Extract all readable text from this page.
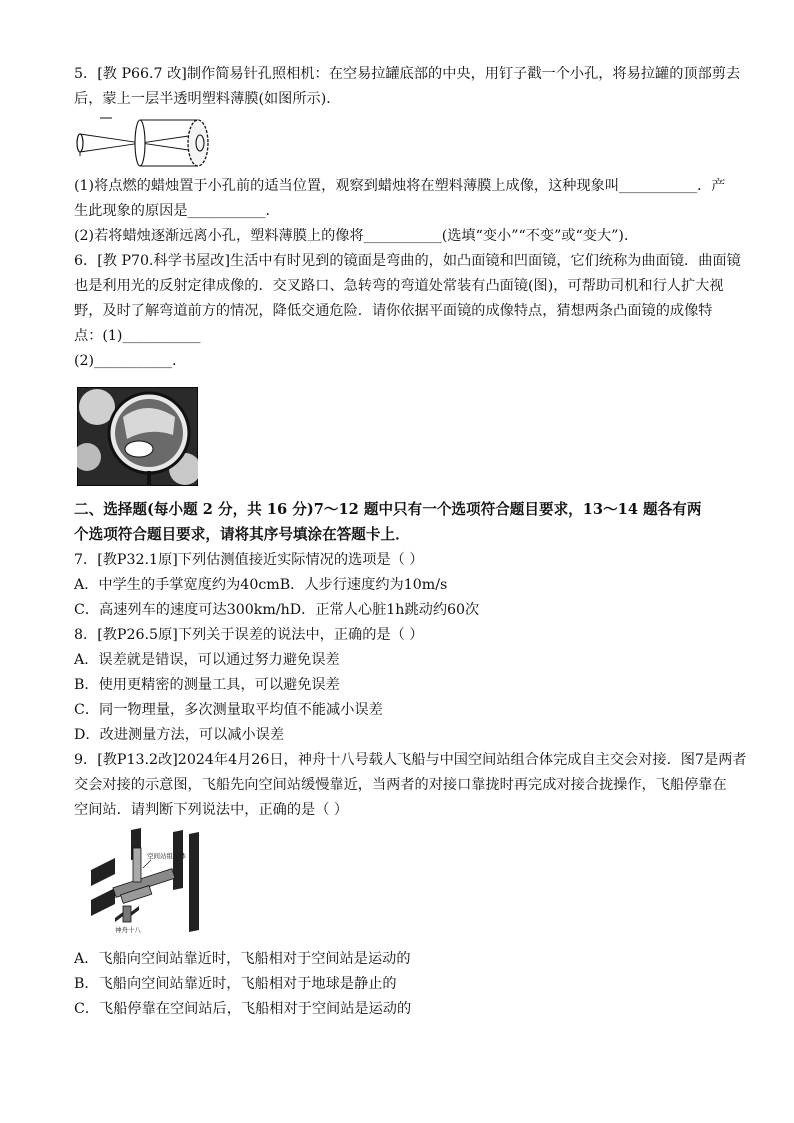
5．[教 P66.7 改]制作简易针孔照相机：在空易拉罐底部的中央，用钉子戳一个小孔，将易拉罐的顶部剪去
后，蒙上一层半透明塑料薄膜(如图所示)．
(1)将点燃的蜡烛置于小孔前的适当位置，观察到蜡烛将在塑料薄膜上成像，这种现象叫___________．产
生此现象的原因是___________．
(2)若将蜡烛逐渐远离小孔，塑料薄膜上的像将___________(选填“变小”“不变”或“变大”)．
6．[教 P70.科学书屋改]生活中有时见到的镜面是弯曲的，如凸面镜和凹面镜，它们统称为曲面镜．曲面镜
也是利用光的反射定律成像的．交叉路口、急转弯的弯道处常装有凸面镜(图)，可帮助司机和行人扩大视
野，及时了解弯道前方的情况，降低交通危险．请你依据平面镜的成像特点，猜想两条凸面镜的成像特
点：(1)___________
(2)___________．
二、选择题(每小题 2 分，共 16 分)7～12 题中只有一个选项符合题目要求，13～14 题各有两
个选项符合题目要求，请将其序号填涂在答题卡上．
7．[教P32.1原]下列估测值接近实际情况的选项是（ ）
A．中学生的手掌宽度约为40cmB．人步行速度约为10m/s
C．高速列车的速度可达300km/hD．正常人心脏1h跳动约60次
8．[教P26.5原]下列关于误差的说法中，正确的是（ ）
A．误差就是错误，可以通过努力避免误差
B．使用更精密的测量工具，可以避免误差
C．同一物理量，多次测量取平均值不能减小误差
D．改进测量方法，可以减小误差
9．[教P13.2改]2024年4月26日，神舟十八号载人飞船与中国空间站组合体完成自主交会对接．图7是两者
交会对接的示意图，飞船先向空间站缓慢靠近，当两者的对接口靠拢时再完成对接合拢操作，飞船停靠在
空间站．请判断下列说法中，正确的是（ ）
空间站组合体
神舟十八
A．飞船向空间站靠近时，飞船相对于空间站是运动的
B．飞船向空间站靠近时，飞船相对于地球是静止的
C．飞船停靠在空间站后，飞船相对于空间站是运动的
